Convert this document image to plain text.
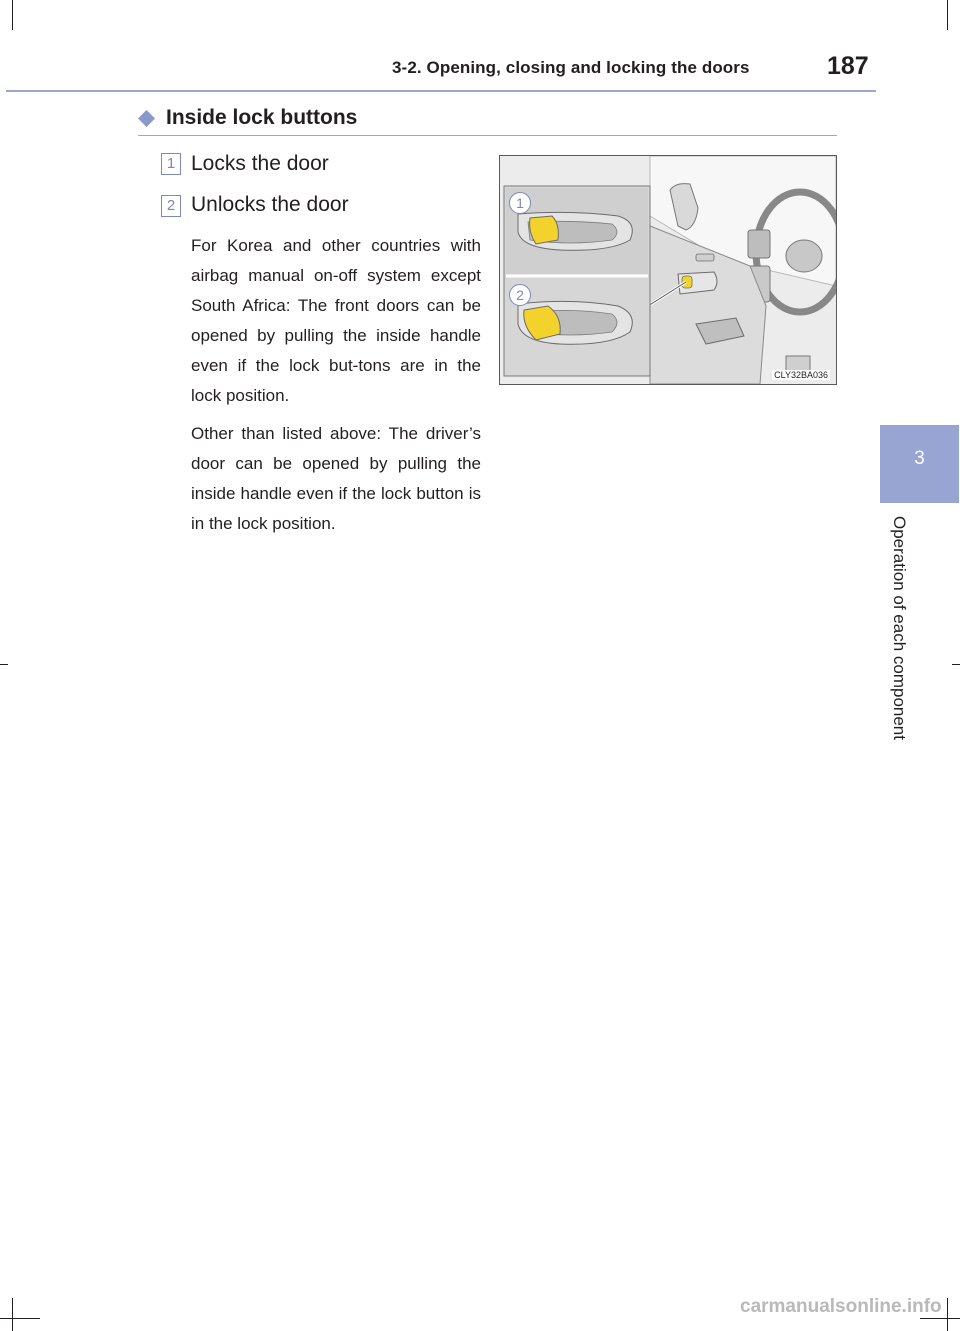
3-2. Opening, closing and locking the doors	187
3
Operation of each component
Inside lock buttons
1 Locks the door
2 Unlocks the door

For Korea and other countries with airbag manual on-off system except South Africa: The front doors can be opened by pulling the inside handle even if the lock but-tons are in the lock position.

Other than listed above: The driver’s door can be opened by pulling the inside handle even if the lock button is in the lock position.

1
2
CLY32BA036
carmanualsonline.info
